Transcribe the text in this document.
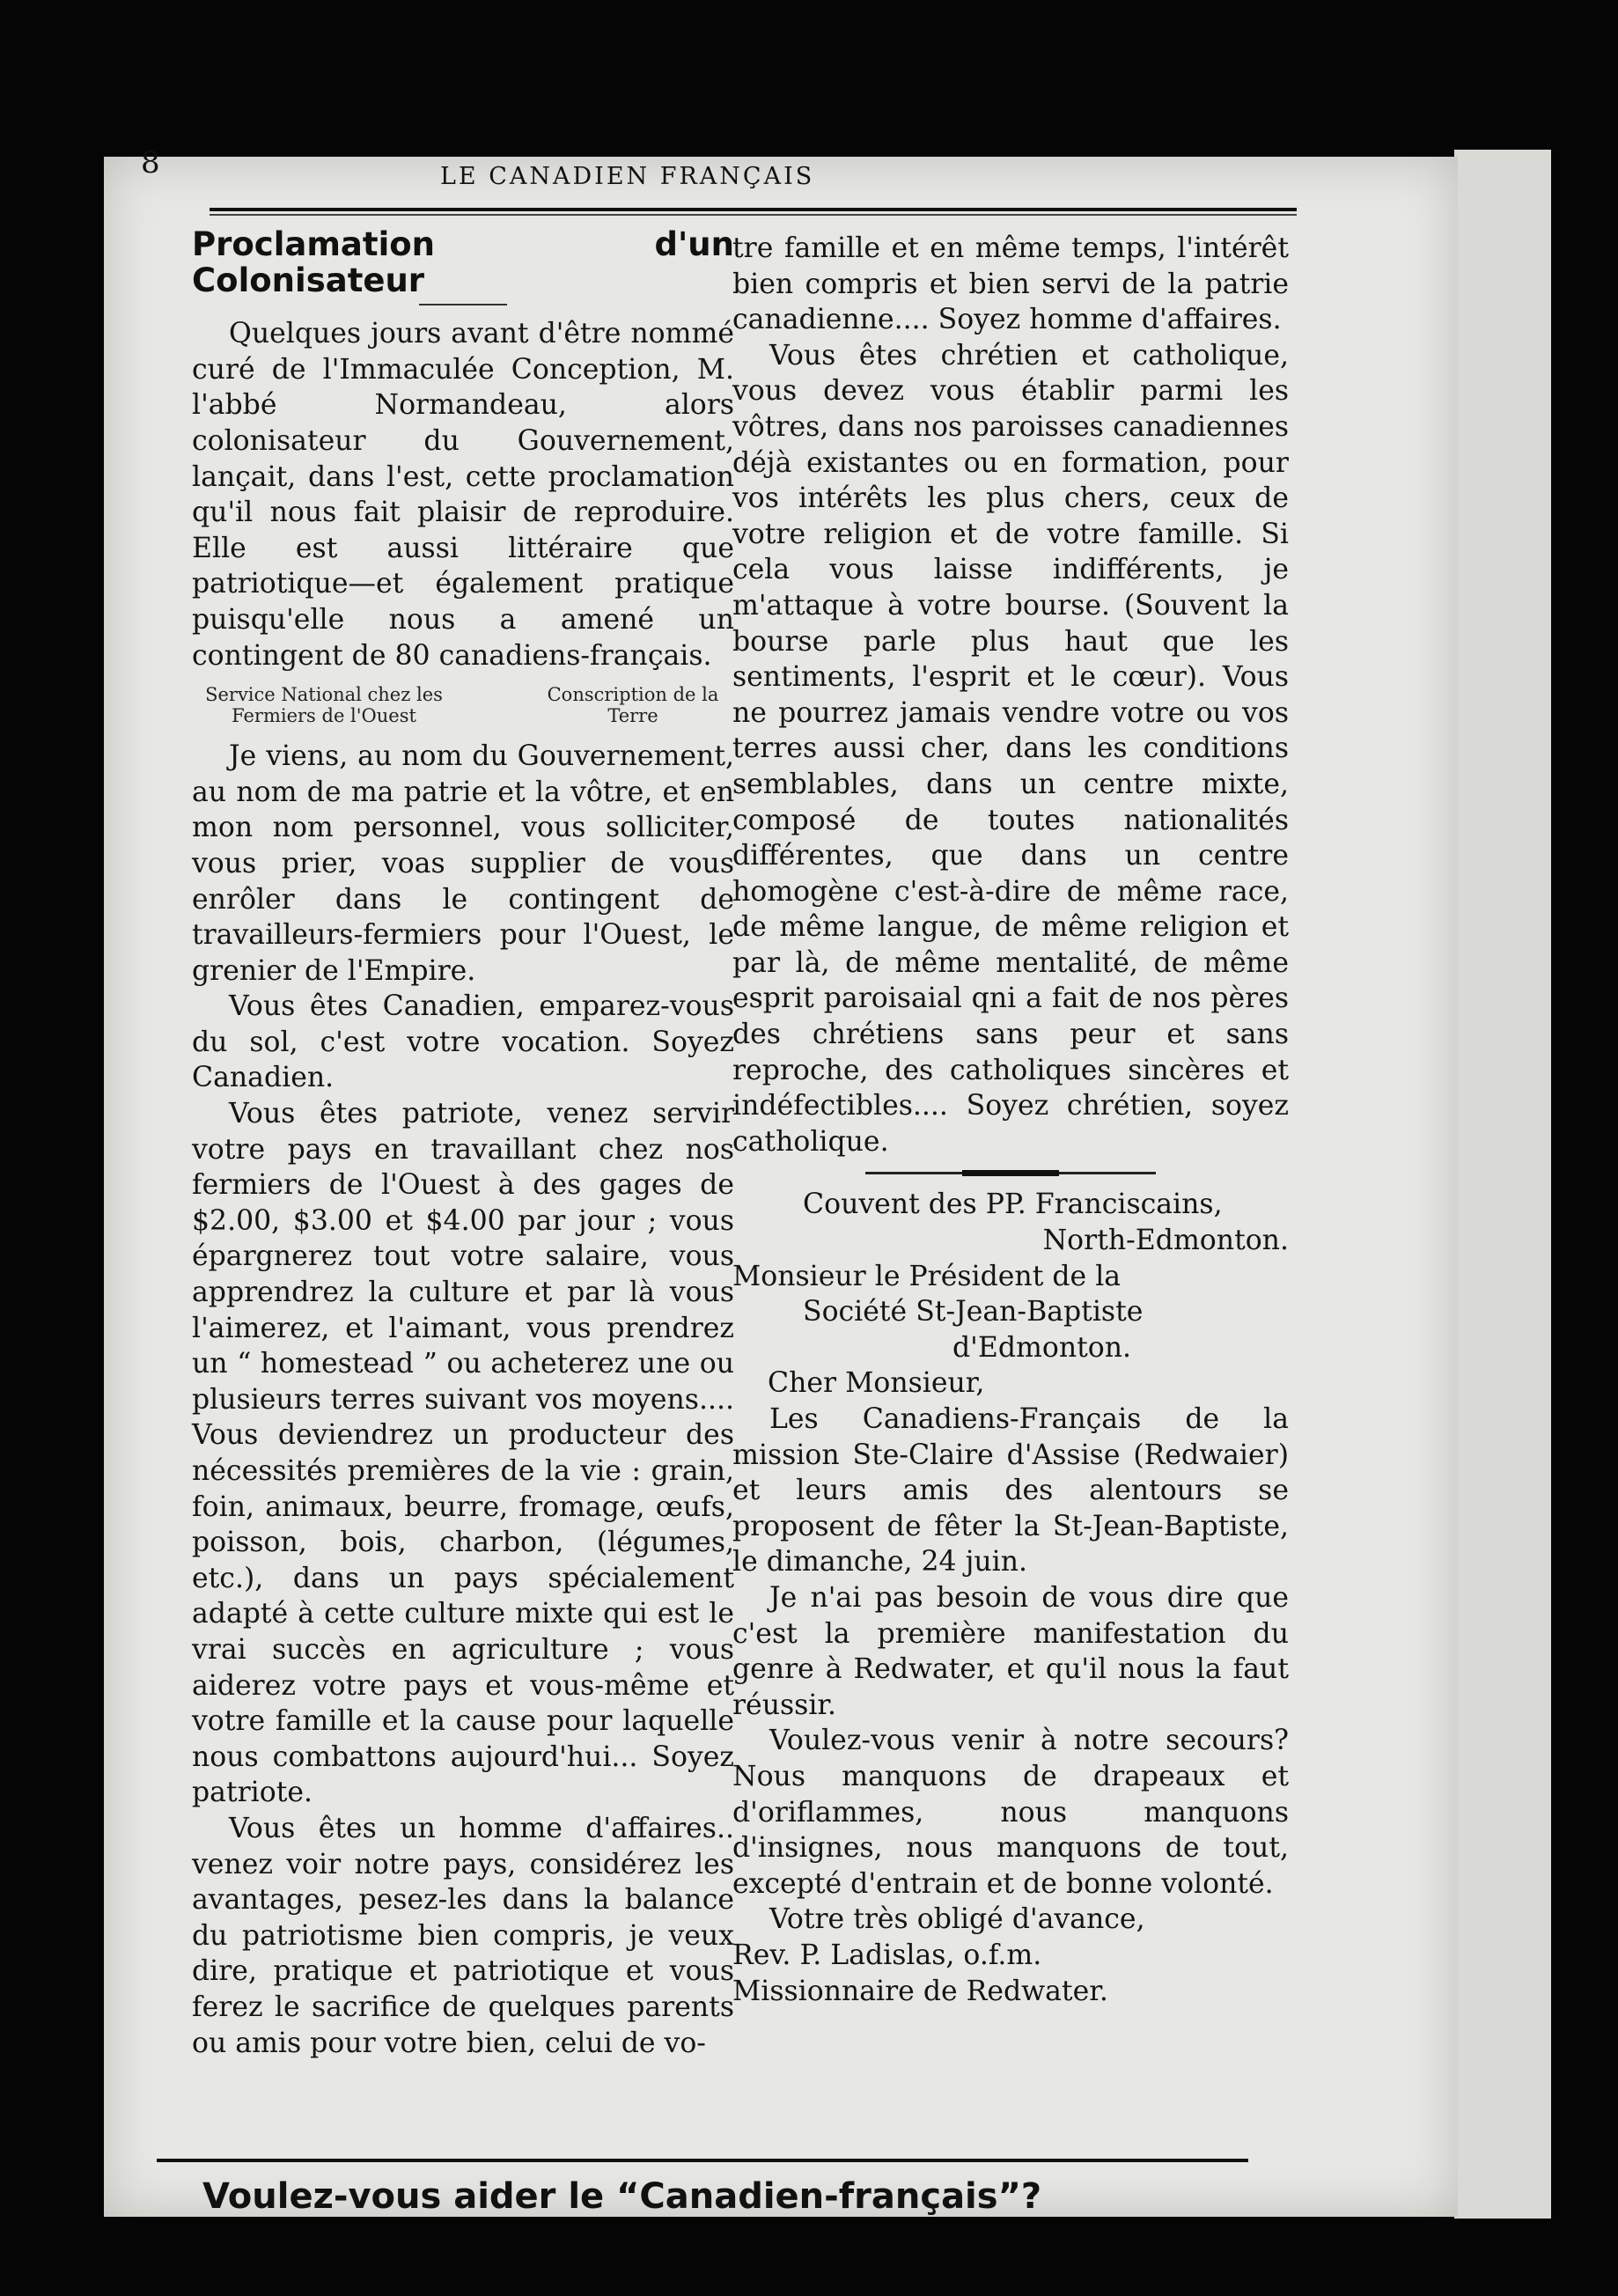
8	LE CANADIEN FRANÇAIS

Proclamation d'un Colonisateur

Quelques jours avant d'être nommé curé de l'Immaculée Conception, M. l'abbé Normandeau, alors colonisateur du Gouvernement, lançait, dans l'est, cette proclamation qu'il nous fait plaisir de reproduire. Elle est aussi littéraire que patriotique—et également pratique puisqu'elle nous a amené un contingent de 80 canadiens-français.

Service National chez les Fermiers de l'Ouest
Conscription de la Terre

Je viens, au nom du Gouvernement, au nom de ma patrie et la vôtre, et en mon nom personnel, vous solliciter, vous prier, voas supplier de vous enrôler dans le contingent de travailleurs-fermiers pour l'Ouest, le grenier de l'Empire.

Vous êtes Canadien, emparez-vous du sol, c'est votre vocation. Soyez Canadien.

Vous êtes patriote, venez servir votre pays en travaillant chez nos fermiers de l'Ouest à des gages de $2.00, $3.00 et $4.00 par jour ; vous épargnerez tout votre salaire, vous apprendrez la culture et par là vous l'aimerez, et l'aimant, vous prendrez un “ homestead ” ou acheterez une ou plusieurs terres suivant vos moyens.... Vous deviendrez un producteur des nécessités premières de la vie : grain, foin, animaux, beurre, fromage, œufs, poisson, bois, charbon, (légumes, etc.), dans un pays spécialement adapté à cette culture mixte qui est le vrai succès en agriculture ; vous aiderez votre pays et vous-même et votre famille et la cause pour laquelle nous combattons aujourd'hui... Soyez patriote.

Vous êtes un homme d'affaires.. venez voir notre pays, considérez les avantages, pesez-les dans la balance du patriotisme bien compris, je veux dire, pratique et patriotique et vous ferez le sacrifice de quelques parents ou amis pour votre bien, celui de vo-

tre famille et en même temps, l'intérêt bien compris et bien servi de la patrie canadienne.... Soyez homme d'affaires.

Vous êtes chrétien et catholique, vous devez vous établir parmi les vôtres, dans nos paroisses canadiennes déjà existantes ou en formation, pour vos intérêts les plus chers, ceux de votre religion et de votre famille. Si cela vous laisse indifférents, je m'attaque à votre bourse. (Souvent la bourse parle plus haut que les sentiments, l'esprit et le cœur). Vous ne pourrez jamais vendre votre ou vos terres aussi cher, dans les conditions semblables, dans un centre mixte, composé de toutes nationalités différentes, que dans un centre homogène c'est-à-dire de même race, de même langue, de même religion et par là, de même mentalité, de même esprit paroisaial qni a fait de nos pères des chrétiens sans peur et sans reproche, des catholiques sincères et indéfectibles.... Soyez chrétien, soyez catholique.

Couvent des PP. Franciscains,

North-Edmonton.

Monsieur le Président de la

Société St-Jean-Baptiste

d'Edmonton.

Cher Monsieur,

Les Canadiens-Français de la mission Ste-Claire d'Assise (Redwaier) et leurs amis des alentours se proposent de fêter la St-Jean-Baptiste, le dimanche, 24 juin.

Je n'ai pas besoin de vous dire que c'est la première manifestation du genre à Redwater, et qu'il nous la faut réussir.

Voulez-vous venir à notre secours? Nous manquons de drapeaux et d'oriflammes, nous manquons d'insignes, nous manquons de tout, excepté d'entrain et de bonne volonté.

Votre très obligé d'avance,

Rev. P. Ladislas, o.f.m.

Missionnaire de Redwater.

Voulez-vous aider le “Canadien-français”?
